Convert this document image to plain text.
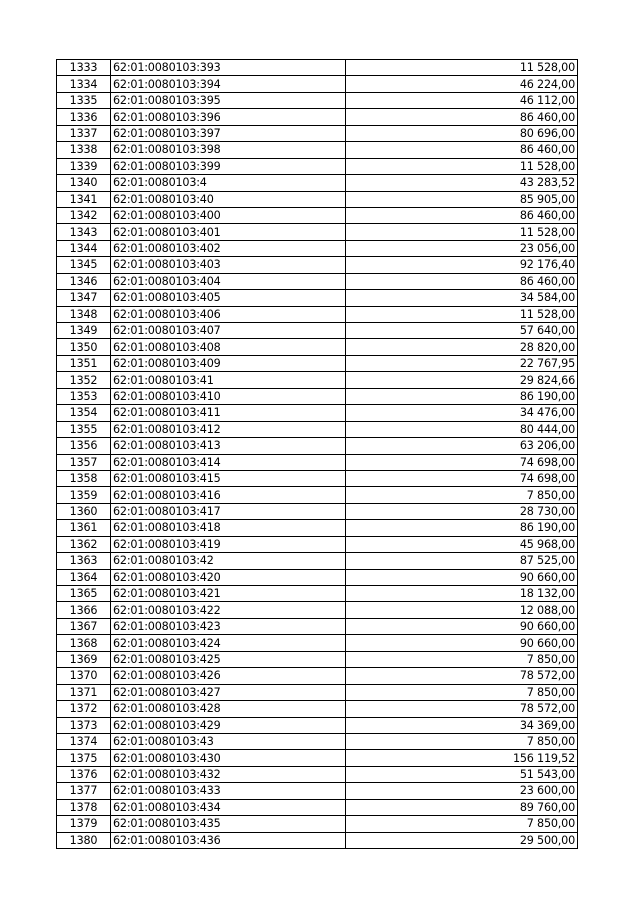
1333	62:01:0080103:393	11 528,00
1334	62:01:0080103:394	46 224,00
1335	62:01:0080103:395	46 112,00
1336	62:01:0080103:396	86 460,00
1337	62:01:0080103:397	80 696,00
1338	62:01:0080103:398	86 460,00
1339	62:01:0080103:399	11 528,00
1340	62:01:0080103:4	43 283,52
1341	62:01:0080103:40	85 905,00
1342	62:01:0080103:400	86 460,00
1343	62:01:0080103:401	11 528,00
1344	62:01:0080103:402	23 056,00
1345	62:01:0080103:403	92 176,40
1346	62:01:0080103:404	86 460,00
1347	62:01:0080103:405	34 584,00
1348	62:01:0080103:406	11 528,00
1349	62:01:0080103:407	57 640,00
1350	62:01:0080103:408	28 820,00
1351	62:01:0080103:409	22 767,95
1352	62:01:0080103:41	29 824,66
1353	62:01:0080103:410	86 190,00
1354	62:01:0080103:411	34 476,00
1355	62:01:0080103:412	80 444,00
1356	62:01:0080103:413	63 206,00
1357	62:01:0080103:414	74 698,00
1358	62:01:0080103:415	74 698,00
1359	62:01:0080103:416	7 850,00
1360	62:01:0080103:417	28 730,00
1361	62:01:0080103:418	86 190,00
1362	62:01:0080103:419	45 968,00
1363	62:01:0080103:42	87 525,00
1364	62:01:0080103:420	90 660,00
1365	62:01:0080103:421	18 132,00
1366	62:01:0080103:422	12 088,00
1367	62:01:0080103:423	90 660,00
1368	62:01:0080103:424	90 660,00
1369	62:01:0080103:425	7 850,00
1370	62:01:0080103:426	78 572,00
1371	62:01:0080103:427	7 850,00
1372	62:01:0080103:428	78 572,00
1373	62:01:0080103:429	34 369,00
1374	62:01:0080103:43	7 850,00
1375	62:01:0080103:430	156 119,52
1376	62:01:0080103:432	51 543,00
1377	62:01:0080103:433	23 600,00
1378	62:01:0080103:434	89 760,00
1379	62:01:0080103:435	7 850,00
1380	62:01:0080103:436	29 500,00
